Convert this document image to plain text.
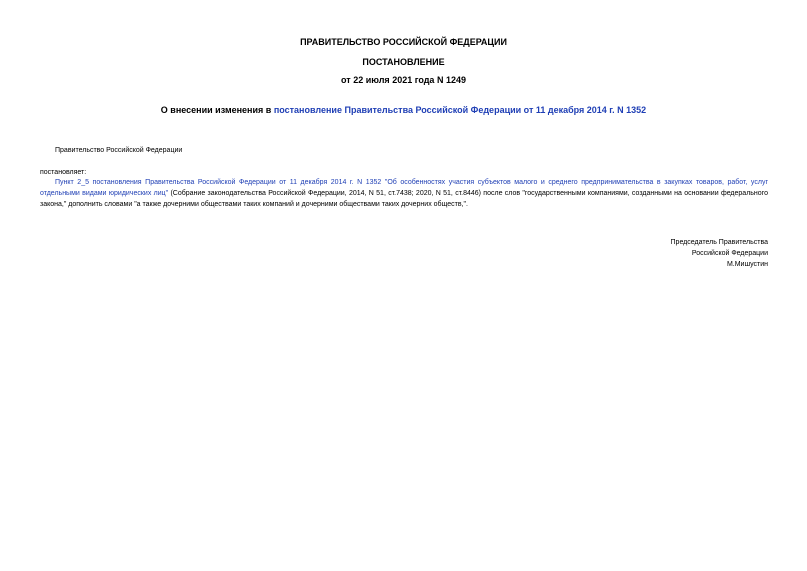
ПРАВИТЕЛЬСТВО РОССИЙСКОЙ ФЕДЕРАЦИИ
ПОСТАНОВЛЕНИЕ
от 22 июля 2021 года N 1249
О внесении изменения в постановление Правительства Российской Федерации от 11 декабря 2014 г. N 1352
Правительство Российской Федерации
постановляет:
Пункт 2_5 постановления Правительства Российской Федерации от 11 декабря 2014 г. N 1352 "Об особенностях участия субъектов малого и среднего предпринимательства в закупках товаров, работ, услуг отдельными видами юридических лиц" (Собрание законодательства Российской Федерации, 2014, N 51, ст.7438; 2020, N 51, ст.8446) после слов "государственными компаниями, созданными на основании федерального закона," дополнить словами "а также дочерними обществами таких компаний и дочерними обществами таких дочерних обществ,".
Председатель Правительства
Российской Федерации
М.Мишустин
